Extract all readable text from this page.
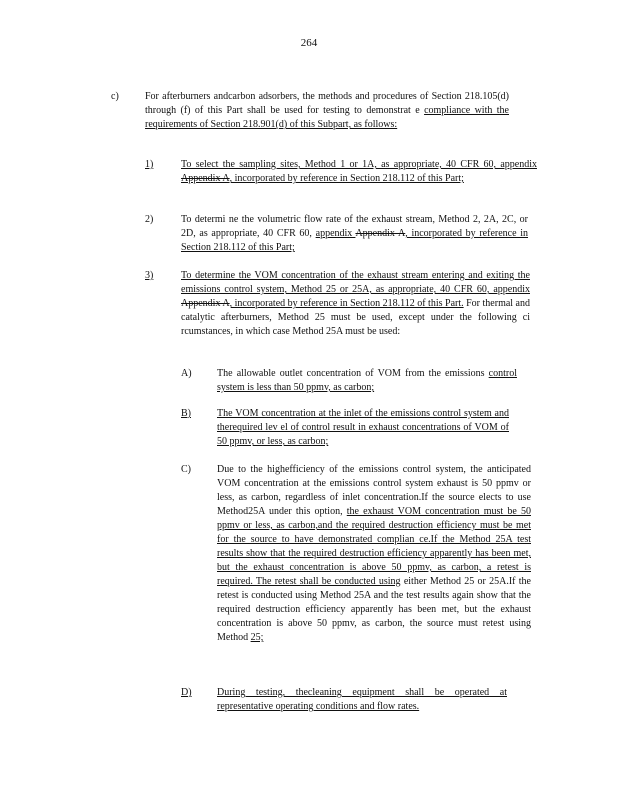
264
c)	For afterburners andcarbon adsorbers, the methods and procedures of Section 218.105(d) through (f) of this Part shall be used for testing to demonstrat e compliance with the requirements of Section 218.901(d) of this Subpart, as follows:

1)	To select the sampling sites, Method 1 or 1A, as appropriate, 40 CFR 60, appendix Appendix A, incorporated by reference in Section 218.112 of this Part;

2)	To determi ne the volumetric flow rate of the exhaust stream, Method 2, 2A, 2C, or 2D, as appropriate, 40 CFR 60, appendix Appendix A, incorporated by reference in Section 218.112 of this Part;

3)	To determine the VOM concentration of the exhaust stream entering and exiting the emissions control system, Method 25 or 25A, as appropriate, 40 CFR 60, appendix Appendix A, incorporated by reference in Section 218.112 of this Part. For thermal and catalytic afterburners, Method 25 must be used, except under the following ci rcumstances, in which case Method 25A must be used:

A)	The allowable outlet concentration of VOM from the emissions control system is less than 50 ppmv, as carbon;

B)	The VOM concentration at the inlet of the emissions control system and therequired lev el of control result in exhaust concentrations of VOM of 50 ppmv, or less, as carbon;

C)	Due to the highefficiency of the emissions control system, the anticipated VOM concentration at the emissions control system exhaust is 50 ppmv or less, as carbon, regardless of inlet concentration.If the source elects to use Method25A under this option, the exhaust VOM concentration must be 50 ppmv or less, as carbon,and the required destruction efficiency must be met for the source to have demonstrated complian ce.If the Method 25A test results show that the required destruction efficiency apparently has been met, but the exhaust concentration is above 50 ppmv, as carbon, a retest is required. The retest shall be conducted using either Method 25 or 25A.If the retest is conducted using Method 25A and the test results again show that the required destruction efficiency apparently has been met, but the exhaust concentration is above 50 ppmv, as carbon, the source must retest using Method 25;

D)	During testing, thecleaning equipment shall be operated at representative operating conditions and flow rates.
